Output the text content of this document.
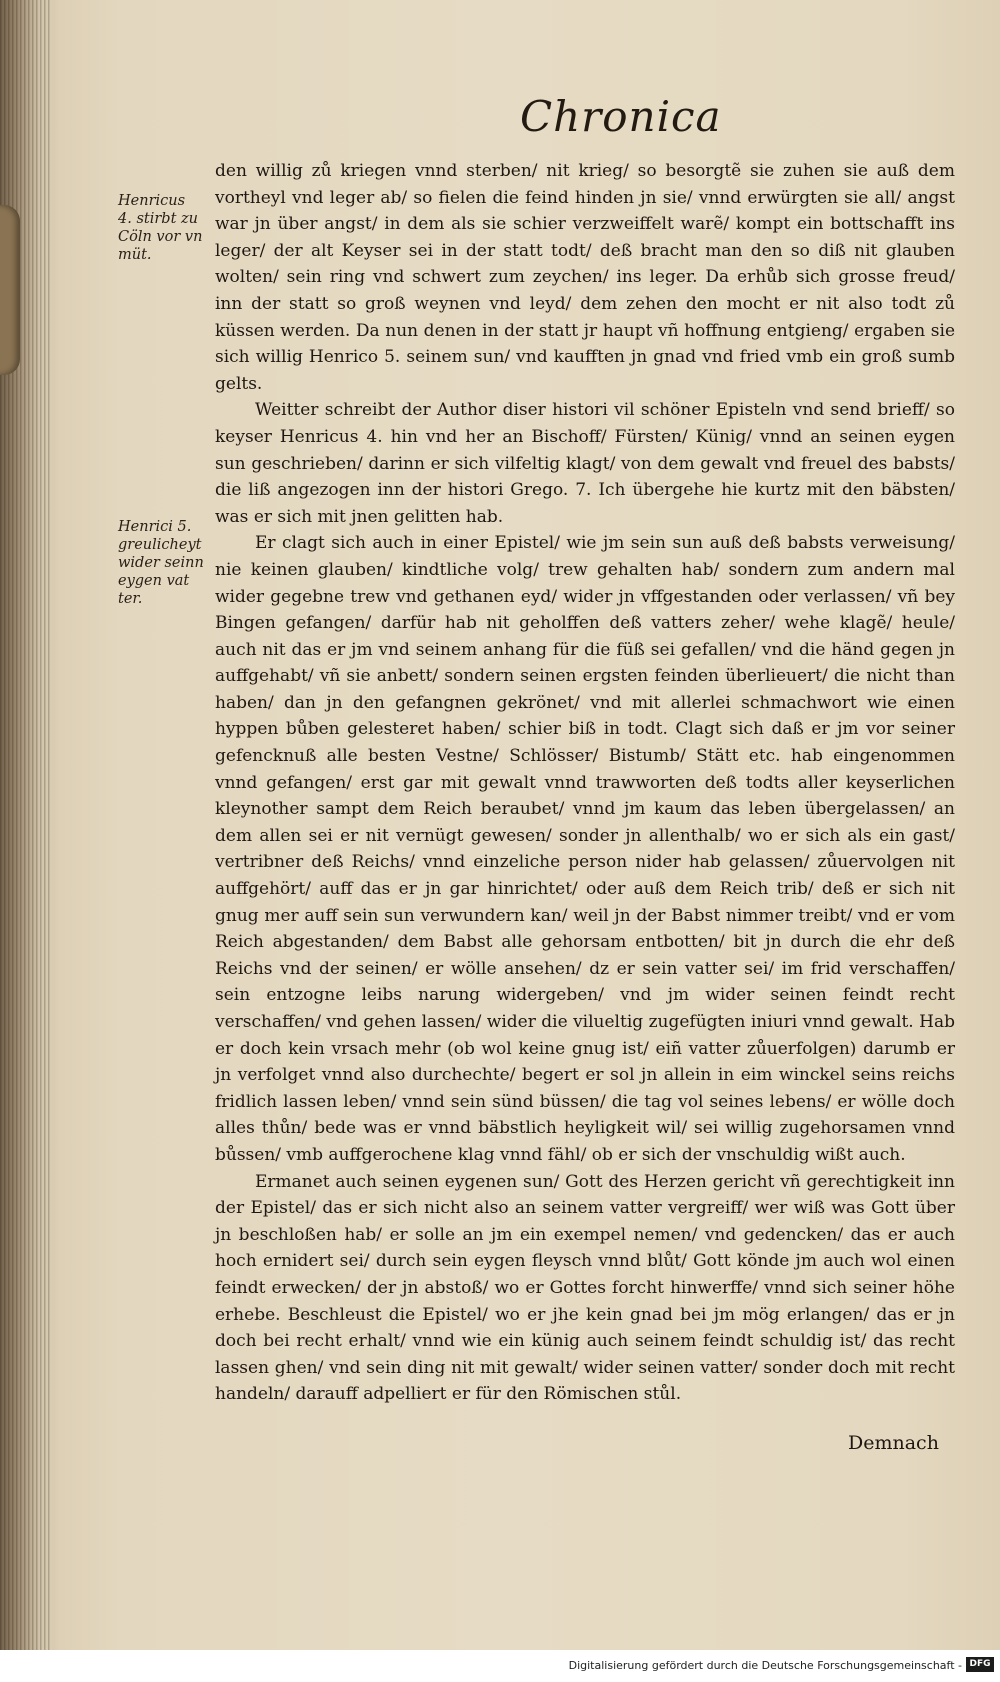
Chronica
Henricus
4. stirbt zu
Cöln vor vn
müt.
Henrici 5.
greulicheyt
wider seinn
eygen vat
ter.

den willig zů kriegen vnnd sterben/ nit krieg/ so besorgtẽ sie zuhen sie auß dem vortheyl vnd leger ab/ so fielen die feind hinden jn sie/ vnnd erwürgten sie all/ angst war jn über angst/ in dem als sie schier verzweiffelt warẽ/ kompt ein bottschafft ins leger/ der alt Keyser sei in der statt todt/ deß bracht man den so diß nit glauben wolten/ sein ring vnd schwert zum zeychen/ ins leger. Da erhůb sich grosse freud/ inn der statt so groß weynen vnd leyd/ dem zehen den mocht er nit also todt zů küssen werden. Da nun denen in der statt jr haupt vñ hoffnung entgieng/ ergaben sie sich willig Henrico 5. seinem sun/ vnd kaufften jn gnad vnd fried vmb ein groß sumb gelts.

Weitter schreibt der Author diser histori vil schöner Episteln vnd send brieff/ so keyser Henricus 4. hin vnd her an Bischoff/ Fürsten/ Künig/ vnnd an seinen eygen sun geschrieben/ darinn er sich vilfeltig klagt/ von dem gewalt vnd freuel des babsts/ die liß angezogen inn der histori Grego. 7. Ich übergehe hie kurtz mit den bäbsten/ was er sich mit jnen gelitten hab.

Er clagt sich auch in einer Epistel/ wie jm sein sun auß deß babsts verweisung/ nie keinen glauben/ kindtliche volg/ trew gehalten hab/ sondern zum andern mal wider gegebne trew vnd gethanen eyd/ wider jn vffgestanden oder verlassen/ vñ bey Bingen gefangen/ darfür hab nit geholffen deß vatters zeher/ wehe klagẽ/ heule/ auch nit das er jm vnd seinem anhang für die füß sei gefallen/ vnd die händ gegen jn auffgehabt/ vñ sie anbett/ sondern seinen ergsten feinden überlieuert/ die nicht than haben/ dan jn den gefangnen gekrönet/ vnd mit allerlei schmachwort wie einen hyppen bůben gelesteret haben/ schier biß in todt. Clagt sich daß er jm vor seiner gefencknuß alle besten Vestne/ Schlösser/ Bistumb/ Stätt etc. hab eingenommen vnnd gefangen/ erst gar mit gewalt vnnd trawworten deß todts aller keyserlichen kleynother sampt dem Reich beraubet/ vnnd jm kaum das leben übergelassen/ an dem allen sei er nit vernügt gewesen/ sonder jn allenthalb/ wo er sich als ein gast/ vertribner deß Reichs/ vnnd einzeliche person nider hab gelassen/ zůuervolgen nit auffgehört/ auff das er jn gar hinrichtet/ oder auß dem Reich trib/ deß er sich nit gnug mer auff sein sun verwundern kan/ weil jn der Babst nimmer treibt/ vnd er vom Reich abgestanden/ dem Babst alle gehorsam entbotten/ bit jn durch die ehr deß Reichs vnd der seinen/ er wölle ansehen/ dz er sein vatter sei/ im frid verschaffen/ sein entzogne leibs narung widergeben/ vnd jm wider seinen feindt recht verschaffen/ vnd gehen lassen/ wider die vilueltig zugefügten iniuri vnnd gewalt. Hab er doch kein vrsach mehr (ob wol keine gnug ist/ eiñ vatter zůuerfolgen) darumb er jn verfolget vnnd also durchechte/ begert er sol jn allein in eim winckel seins reichs fridlich lassen leben/ vnnd sein sünd büssen/ die tag vol seines lebens/ er wölle doch alles thůn/ bede was er vnnd bäbstlich heyligkeit wil/ sei willig zugehorsamen vnnd bůssen/ vmb auffgerochene klag vnnd fähl/ ob er sich der vnschuldig wißt auch.

Ermanet auch seinen eygenen sun/ Gott des Herzen gericht vñ gerechtigkeit inn der Epistel/ das er sich nicht also an seinem vatter vergreiff/ wer wiß was Gott über jn beschloßen hab/ er solle an jm ein exempel nemen/ vnd gedencken/ das er auch hoch ernidert sei/ durch sein eygen fleysch vnnd blůt/ Gott könde jm auch wol einen feindt erwecken/ der jn abstoß/ wo er Gottes forcht hinwerffe/ vnnd sich seiner höhe erhebe. Beschleust die Epistel/ wo er jhe kein gnad bei jm mög erlangen/ das er jn doch bei recht erhalt/ vnnd wie ein künig auch seinem feindt schuldig ist/ das recht lassen ghen/ vnd sein ding nit mit gewalt/ wider seinen vatter/ sonder doch mit recht handeln/ darauff adpelliert er für den Römischen stůl.

Demnach
Digitalisierung gefördert durch die Deutsche Forschungsgemeinschaft - DFG
